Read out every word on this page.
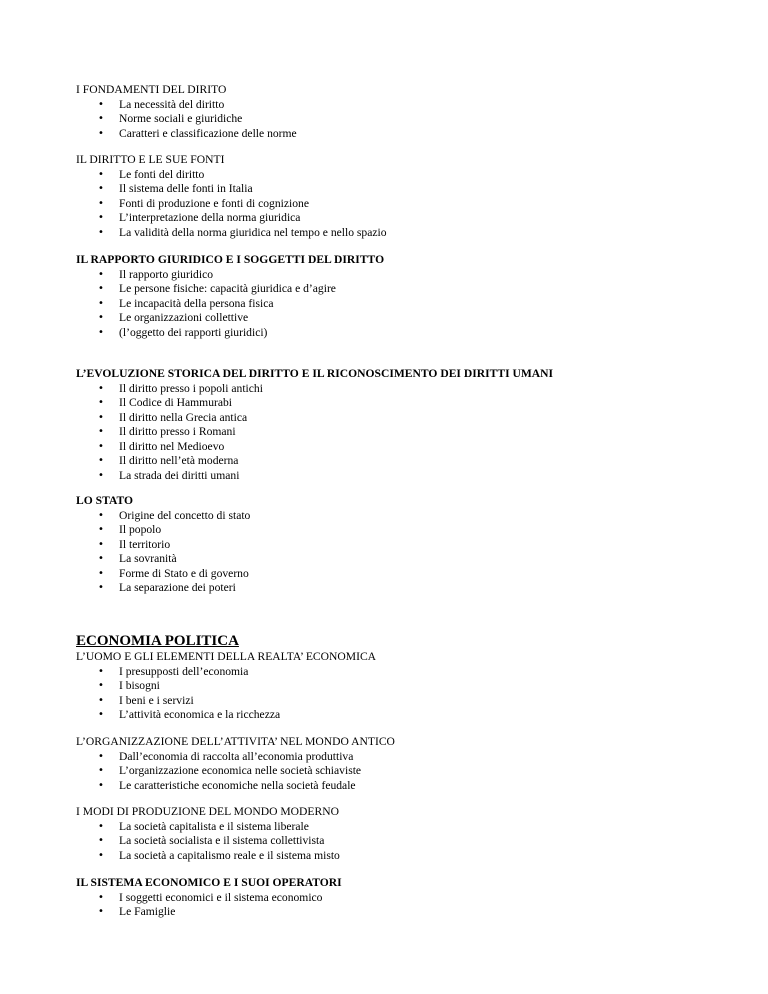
I FONDAMENTI DEL DIRITO

• La necessità del diritto
• Norme sociali e giuridiche
• Caratteri e classificazione delle norme

IL DIRITTO E LE SUE FONTI

• Le fonti del diritto
• Il sistema delle fonti in Italia
• Fonti di produzione e fonti di cognizione
• L’interpretazione della norma giuridica
• La validità della norma giuridica nel tempo e nello spazio

IL RAPPORTO GIURIDICO E I SOGGETTI DEL DIRITTO

• Il rapporto giuridico
• Le persone fisiche: capacità giuridica e d’agire
• Le incapacità della persona fisica
• Le organizzazioni collettive
• (l’oggetto dei rapporti giuridici)

L’EVOLUZIONE STORICA DEL DIRITTO E IL RICONOSCIMENTO DEI DIRITTI UMANI

• Il diritto presso i popoli antichi
• Il Codice di Hammurabi
• Il diritto nella Grecia antica
• Il diritto presso i Romani
• Il diritto nel Medioevo
• Il diritto nell’età moderna
• La strada dei diritti umani

LO STATO

• Origine del concetto di stato
• Il popolo
• Il territorio
• La sovranità
• Forme di Stato e di governo
• La separazione dei poteri
ECONOMIA POLITICA

L’UOMO E GLI ELEMENTI DELLA REALTA’ ECONOMICA

• I presupposti dell’economia
• I bisogni
• I beni e i servizi
• L’attività economica e la ricchezza

L’ORGANIZZAZIONE DELL’ATTIVITA’ NEL MONDO ANTICO

• Dall’economia di raccolta all’economia produttiva
• L’organizzazione economica nelle società schiaviste
• Le caratteristiche economiche nella società feudale

I MODI DI PRODUZIONE DEL MONDO MODERNO

• La società capitalista e il sistema liberale
• La società socialista e il sistema collettivista
• La società a capitalismo reale e il sistema misto

IL SISTEMA ECONOMICO E I SUOI OPERATORI

• I soggetti economici e il sistema economico
• Le Famiglie
